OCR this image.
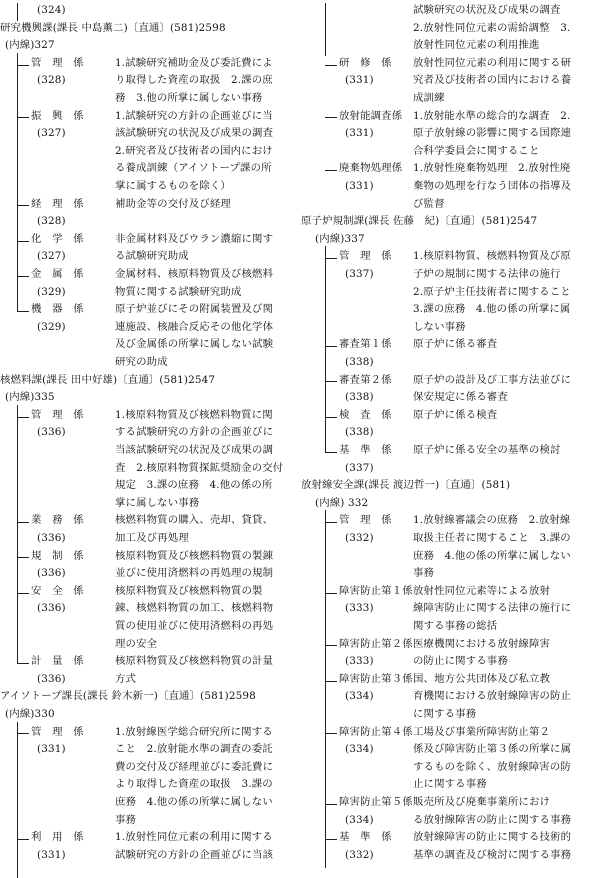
(324)
研究機興課(課長 中島薫二)〔直通〕(581)2598
(内線)327
管　理　係
(328)
1.試験研究補助金及び委託費によ
り取得した資産の取扱　2.課の庶
務　3.他の所掌に属しない事務
振　興　係
(327)
1.試験研究の方針の企画並びに当
該試験研究の状況及び成果の調査
2.研究者及び技術者の国内におけ
る養成訓練（アイソトープ課の所
掌に属するものを除く）
経　理　係
(328)
補助金等の交付及び経理
化　学　係
(327)
非金属材料及びウラン濃縮に関す
る試験研究助成
金　属　係
(329)
金属材料、核原料物質及び核燃料
物質に関する試験研究助成
機　器　係
(329)
原子炉並びにその附属装置及び関
連施設、核融合反応その他化学体
及び金属係の所掌に属しない試験
研究の助成
核燃料課(課長 田中好雄)〔直通〕(581)2547
(内線)335
管　理　係
(336)
1.核原料物質及び核燃料物質に関
する試験研究の方針の企画並びに
当該試験研究の状況及び成果の調
査　2.核原料物質探鉱奨励金の交付
規定　3.課の庶務　4.他の係の所
掌に属しない事務
業　務　係
(336)
核燃料物質の購入、売却、貸貸、
加工及び再処理
規　制　係
(336)
核原料物質及び核燃料物質の製錬
並びに使用済燃料の再処理の規制
安　全　係
(336)
核原料物質及び核燃料物質の製
錬、核燃料物質の加工、核燃料物
質の使用並びに使用済燃料の再処
理の安全
計　量　係
(336)
核原料物質及び核燃料物質の計量
方式
アイソトープ課長(課長 鈴木新一)〔直通〕(581)2598
(内線)330
管　理　係
(331)
1.放射線医学総合研究所に関する
こと　2.放射能水準の調査の委託
費の交付及び経理並びに委託費に
より取得した資産の取扱　3.課の
庶務　4.他の係の所掌に属しない
事務
利　用　係
(331)
1.放射性同位元素の利用に関する
試験研究の方針の企画並びに当該
試験研究の状況及び成果の調査
2.放射性同位元素の需給調整　3.
放射性同位元素の利用推進
研　修　係
(331)
放射性同位元素の利用に関する研
究者及び技術者の国内における養
成訓練
放射能調査係
(331)
1.放射能水準の総合的な調査　2.
原子放射線の影響に関する国際連
合科学委員会に関すること
廃棄物処理係
(331)
1.放射性廃棄物処理　2.放射性廃
棄物の処理を行なう団体の指導及
び監督
原子炉規制課(課長 佐藤　紀)〔直通〕(581)2547
(内線)337
管　理　係
(337)
1.核原料物質、核燃料物質及び原
子炉の規制に関する法律の施行
2.原子炉主任技術者に関すること
3.課の庶務　4.他の係の所掌に属
しない事務
審査第１係
(338)
原子炉に係る審査
審査第２係
(338)
原子炉の設計及び工事方法並びに
保安規定に係る審査
検　査　係
(338)
原子炉に係る検査
基　準　係
(337)
原子炉に係る安全の基準の検討
放射線安全課(課長 渡辺哲一)〔直通〕(581)
(内線) 332
管　理　係
(332)
1.放射線審議会の庶務　2.放射線
取扱主任者に関すること　3.課の
庶務　4.他の係の所掌に属しない
事務
障害防止第１係
(333)
放射性同位元素等による放射
線障害防止に関する法律の施行に
関する事務の総括
障害防止第２係
(333)
医療機関における放射線障害
の防止に関する事務
障害防止第３係
(334)
国、地方公共団体及び私立教
育機関における放射線障害の防止
に関する事務
障害防止第４係
(334)
工場及び事業所障害防止第２
係及び障害防止第３係の所掌に属
するものを除く、放射線障害の防
止に関する事務
障害防止第５係
(334)
販売所及び廃棄事業所におけ
る放射線障害の防止に関する事務
基　準　係
(332)
放射線障害の防止に関する技術的
基準の調査及び検討に関する事務
